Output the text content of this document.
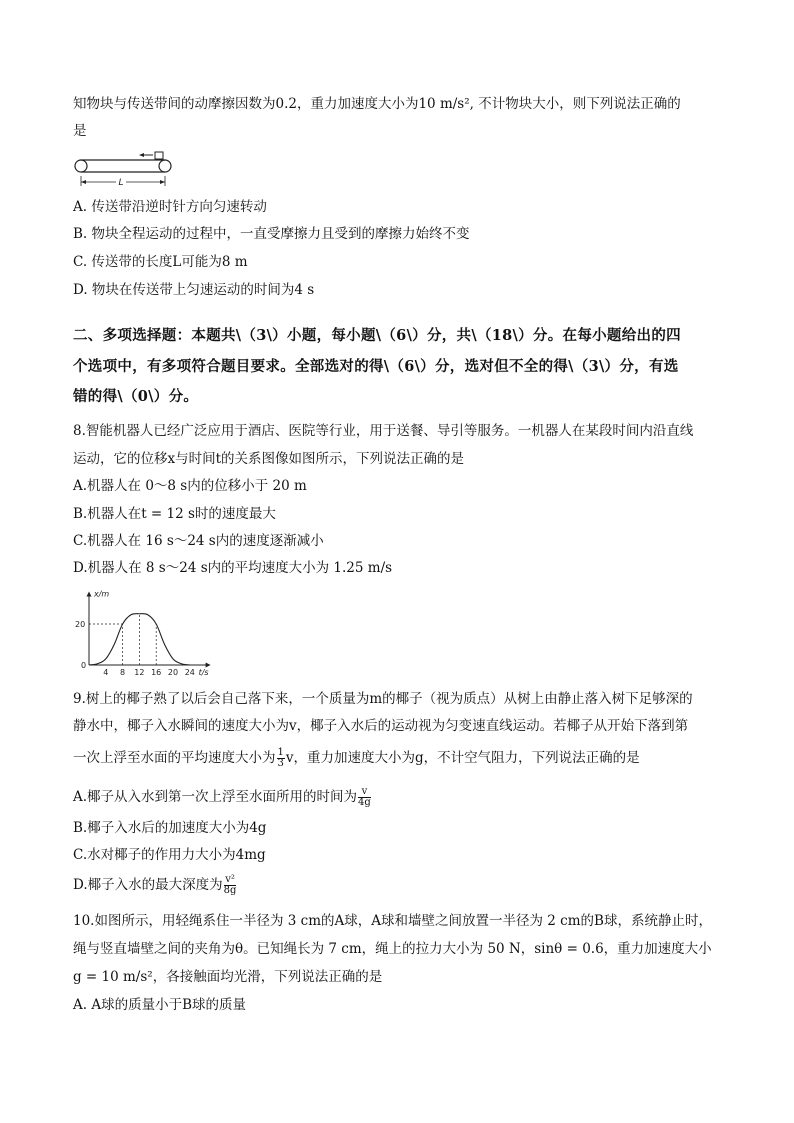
知物块与传送带间的动摩擦因数为0.2，重力加速度大小为10 m/s², 不计物块大小，则下列说法正确的
是
L
A. 传送带沿逆时针方向匀速转动
B. 物块全程运动的过程中，一直受摩擦力且受到的摩擦力始终不变
C. 传送带的长度L可能为8 m
D. 物块在传送带上匀速运动的时间为4 s
二、多项选择题：本题共\（3\）小题，每小题\（6\）分，共\（18\）分。在每小题给出的四
个选项中，有多项符合题目要求。全部选对的得\（6\）分，选对但不全的得\（3\）分，有选
错的得\（0\）分。
8.智能机器人已经广泛应用于酒店、医院等行业，用于送餐、导引等服务。一机器人在某段时间内沿直线
运动，它的位移x与时间t的关系图像如图所示，下列说法正确的是
A.机器人在 0～8 s内的位移小于 20 m
B.机器人在t = 12 s时的速度最大
C.机器人在 16 s～24 s内的速度逐渐减小
D.机器人在 8 s～24 s内的平均速度大小为 1.25 m/s
x/m
t/s
0
20
4 8 12 16 20 24
9.树上的椰子熟了以后会自己落下来，一个质量为m的椰子（视为质点）从树上由静止落入树下足够深的
静水中，椰子入水瞬间的速度大小为v，椰子入水后的运动视为匀变速直线运动。若椰子从开始下落到第
一次上浮至水面的平均速度大小为 $\frac{1}{3}$ v，重力加速度大小为g，不计空气阻力，下列说法正确的是
A.椰子从入水到第一次上浮至水面所用的时间为 $\frac{v}{4g}$
B.椰子入水后的加速度大小为4g
C.水对椰子的作用力大小为4mg
D.椰子入水的最大深度为 $\frac{\text{v²}}{8g}$
10.如图所示，用轻绳系住一半径为 3 cm的A球，A球和墙壁之间放置一半径为 2 cm的B球，系统静止时，
绳与竖直墙壁之间的夹角为θ。已知绳长为 7 cm，绳上的拉力大小为 50 N，sinθ = 0.6，重力加速度大小
g = 10 m/s²，各接触面均光滑，下列说法正确的是
A. A球的质量小于B球的质量
